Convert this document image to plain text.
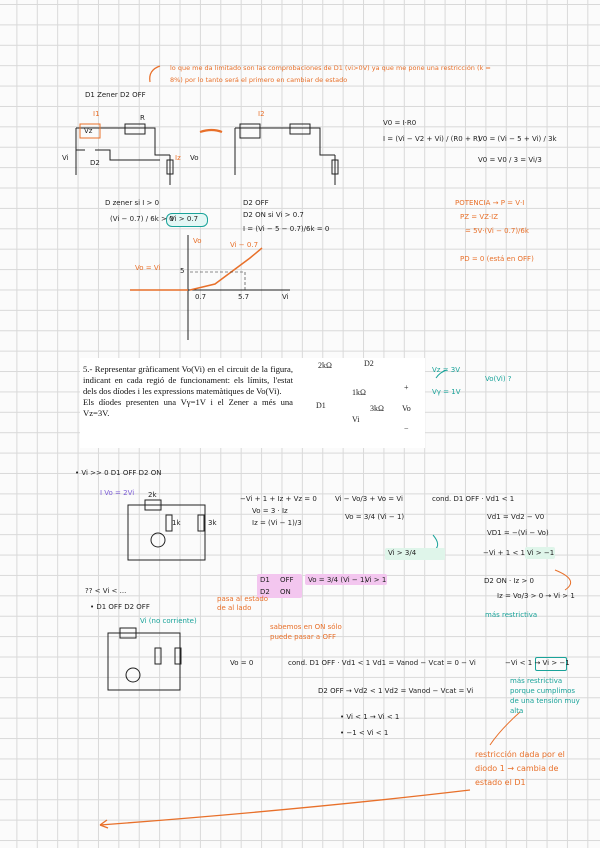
lo que me da limitado son las comprobaciones de D1 (vi>0V) ya que me pone una restricción (k = 8%) por lo tanto será el primero en cambiar de estado
D1 Zener D2 OFF
V0 = I·R0
I = (Vi − V2 + Vi) / (R0 + R)
V0 = (Vi − 5 + Vi) / 3k
V0 = V0 / 3 = Vi/3
D zener si I > 0
(Vi − 0.7) / 6k > 0
Vi > 0.7
D2 OFF
D2 ON si Vi > 0.7
I = (Vi − 5 − 0.7)/6k = 0
POTENCIA → P = V·I
PZ = VZ·IZ
= 5V·(Vi − 0.7)/6k
PD = 0 (está en OFF)
Vo
Vi
0.7
5
5.7
Vi − 0.7
Vo = Vi
5.- Representar gràficament Vo(Vi) en el circuit de la figura, indicant en cada regió de funcionament: els límits, l'estat dels dos díodes i les expressions matemàtiques de Vo(Vi).
Els díodes presenten una Vγ=1V i el Zener a més una Vz=3V.
2kΩ	D2
D1
1kΩ
Vi
3kΩ Vo
+
−
Vz = 3V
Vγ = 1V
Vo(Vi) ?
• Vi >> 0 D1 OFF D2 ON
I Vo = 2Vi
−Vi + 1 + Iz + Vz = 0
Vo = 3 · Iz
Iz = (Vi − 1)/3
Vi − Vo/3 + Vo = Vi
Vo = 3/4 (Vi − 1)
cond. D1 OFF · Vd1 < 1
Vd1 = Vd2 − V0
VD1 = −(Vi − Vo)
−Vi + 1 < 1 Vi > −1
Vi > 3/4
D1 OFF Vo = 3/4 (Vi − 1)
Vi > 1
D2 ON
D2 ON · Iz > 0
Iz = Vo/3 > 0 → Vi > 1
más restrictiva
?? < Vi < ...
• D1 OFF D2 OFF
pasa al estado de al lado
Vi (no corriente)
sabemos en ON sólo puede pasar a OFF
Vo = 0	cond. D1 OFF · Vd1 < 1 Vd1 = Vanod − Vcat = 0 − Vi	−Vi < 1 → Vi > −1
D2 OFF → Vd2 < 1 Vd2 = Vanod − Vcat = Vi
• Vi < 1 → Vi < 1
• −1 < Vi < 1
más restrictiva porque cumplimos de una tensión muy alta
restricción dada por el diodo 1 → cambia de estado el D1
I1	I2
Vz
Vi
D2
R
Vo
Iz
2k
1k	3k
